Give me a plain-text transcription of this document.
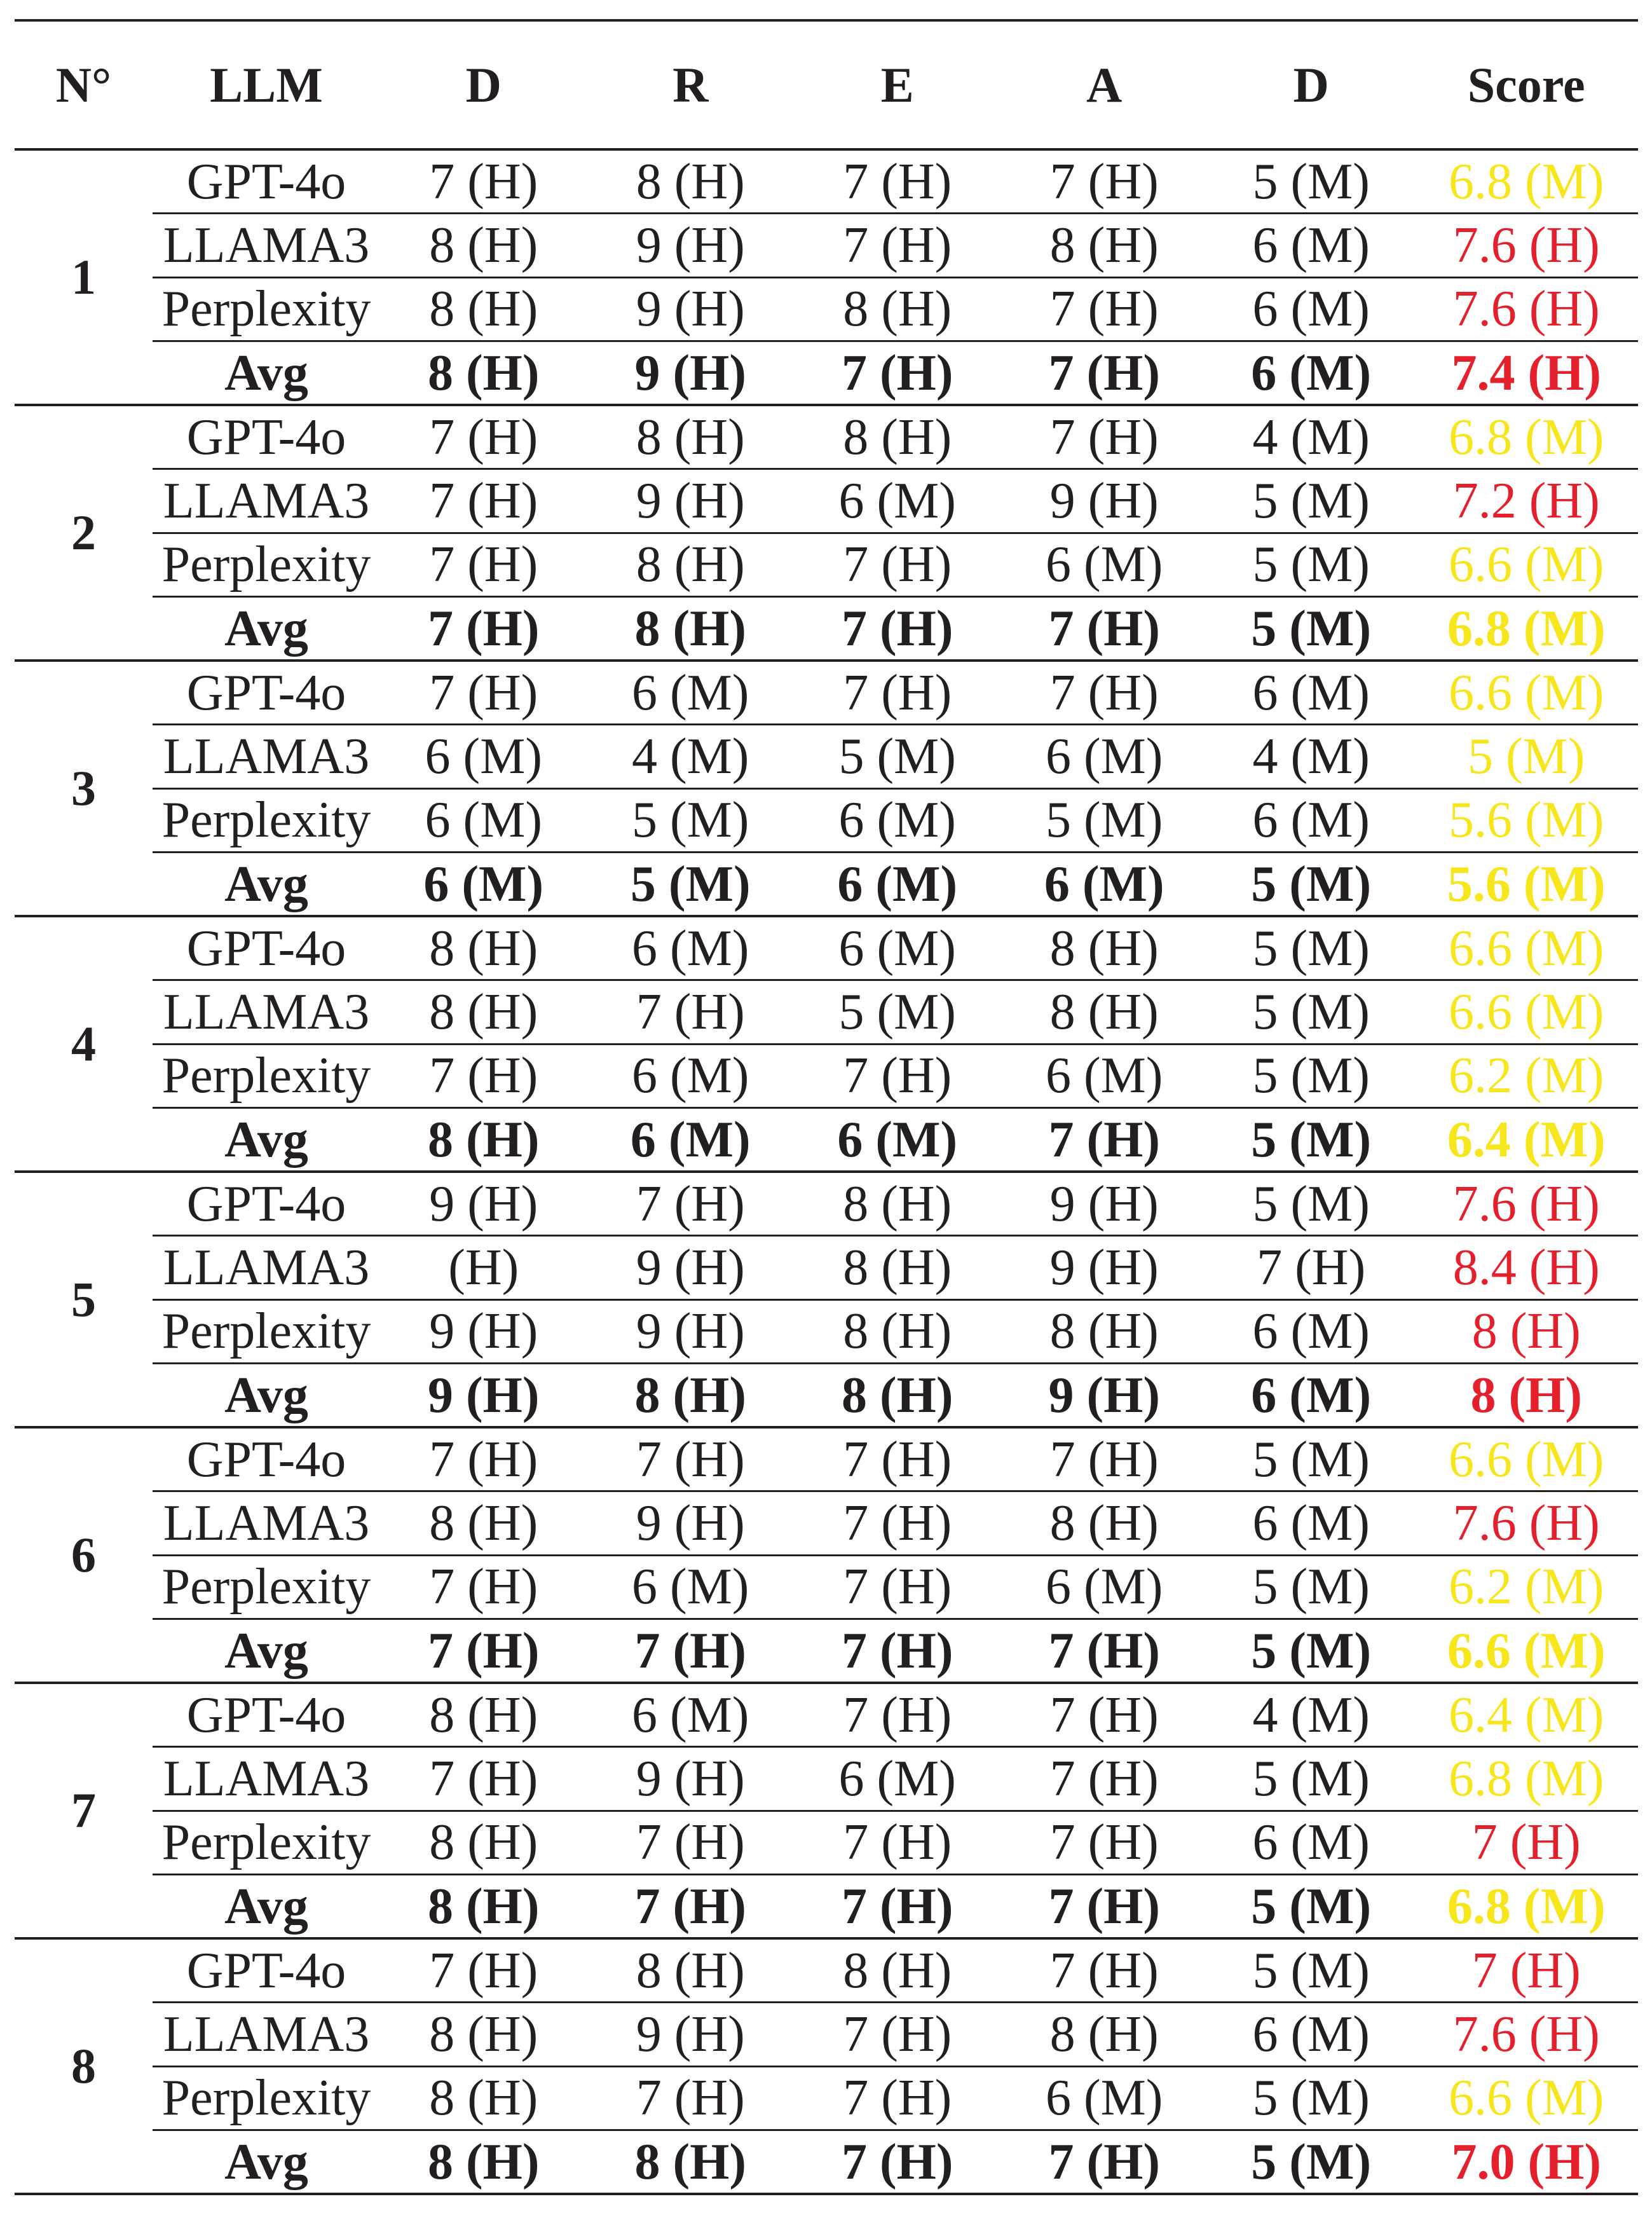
N°	LLM	D	R	E	A	D	Score
1	GPT-4o	7 (H)	8 (H)	7 (H)	7 (H)	5 (M)	6.8 (M)
	LLAMA3	8 (H)	9 (H)	7 (H)	8 (H)	6 (M)	7.6 (H)
	Perplexity	8 (H)	9 (H)	8 (H)	7 (H)	6 (M)	7.6 (H)
	Avg	8 (H)	9 (H)	7 (H)	7 (H)	6 (M)	7.4 (H)
2	GPT-4o	7 (H)	8 (H)	8 (H)	7 (H)	4 (M)	6.8 (M)
	LLAMA3	7 (H)	9 (H)	6 (M)	9 (H)	5 (M)	7.2 (H)
	Perplexity	7 (H)	8 (H)	7 (H)	6 (M)	5 (M)	6.6 (M)
	Avg	7 (H)	8 (H)	7 (H)	7 (H)	5 (M)	6.8 (M)
3	GPT-4o	7 (H)	6 (M)	7 (H)	7 (H)	6 (M)	6.6 (M)
	LLAMA3	6 (M)	4 (M)	5 (M)	6 (M)	4 (M)	5 (M)
	Perplexity	6 (M)	5 (M)	6 (M)	5 (M)	6 (M)	5.6 (M)
	Avg	6 (M)	5 (M)	6 (M)	6 (M)	5 (M)	5.6 (M)
4	GPT-4o	8 (H)	6 (M)	6 (M)	8 (H)	5 (M)	6.6 (M)
	LLAMA3	8 (H)	7 (H)	5 (M)	8 (H)	5 (M)	6.6 (M)
	Perplexity	7 (H)	6 (M)	7 (H)	6 (M)	5 (M)	6.2 (M)
	Avg	8 (H)	6 (M)	6 (M)	7 (H)	5 (M)	6.4 (M)
5	GPT-4o	9 (H)	7 (H)	8 (H)	9 (H)	5 (M)	7.6 (H)
	LLAMA3	(H)	9 (H)	8 (H)	9 (H)	7 (H)	8.4 (H)
	Perplexity	9 (H)	9 (H)	8 (H)	8 (H)	6 (M)	8 (H)
	Avg	9 (H)	8 (H)	8 (H)	9 (H)	6 (M)	8 (H)
6	GPT-4o	7 (H)	7 (H)	7 (H)	7 (H)	5 (M)	6.6 (M)
	LLAMA3	8 (H)	9 (H)	7 (H)	8 (H)	6 (M)	7.6 (H)
	Perplexity	7 (H)	6 (M)	7 (H)	6 (M)	5 (M)	6.2 (M)
	Avg	7 (H)	7 (H)	7 (H)	7 (H)	5 (M)	6.6 (M)
7	GPT-4o	8 (H)	6 (M)	7 (H)	7 (H)	4 (M)	6.4 (M)
	LLAMA3	7 (H)	9 (H)	6 (M)	7 (H)	5 (M)	6.8 (M)
	Perplexity	8 (H)	7 (H)	7 (H)	7 (H)	6 (M)	7 (H)
	Avg	8 (H)	7 (H)	7 (H)	7 (H)	5 (M)	6.8 (M)
8	GPT-4o	7 (H)	8 (H)	8 (H)	7 (H)	5 (M)	7 (H)
	LLAMA3	8 (H)	9 (H)	7 (H)	8 (H)	6 (M)	7.6 (H)
	Perplexity	8 (H)	7 (H)	7 (H)	6 (M)	5 (M)	6.6 (M)
	Avg	8 (H)	8 (H)	7 (H)	7 (H)	5 (M)	7.0 (H)
